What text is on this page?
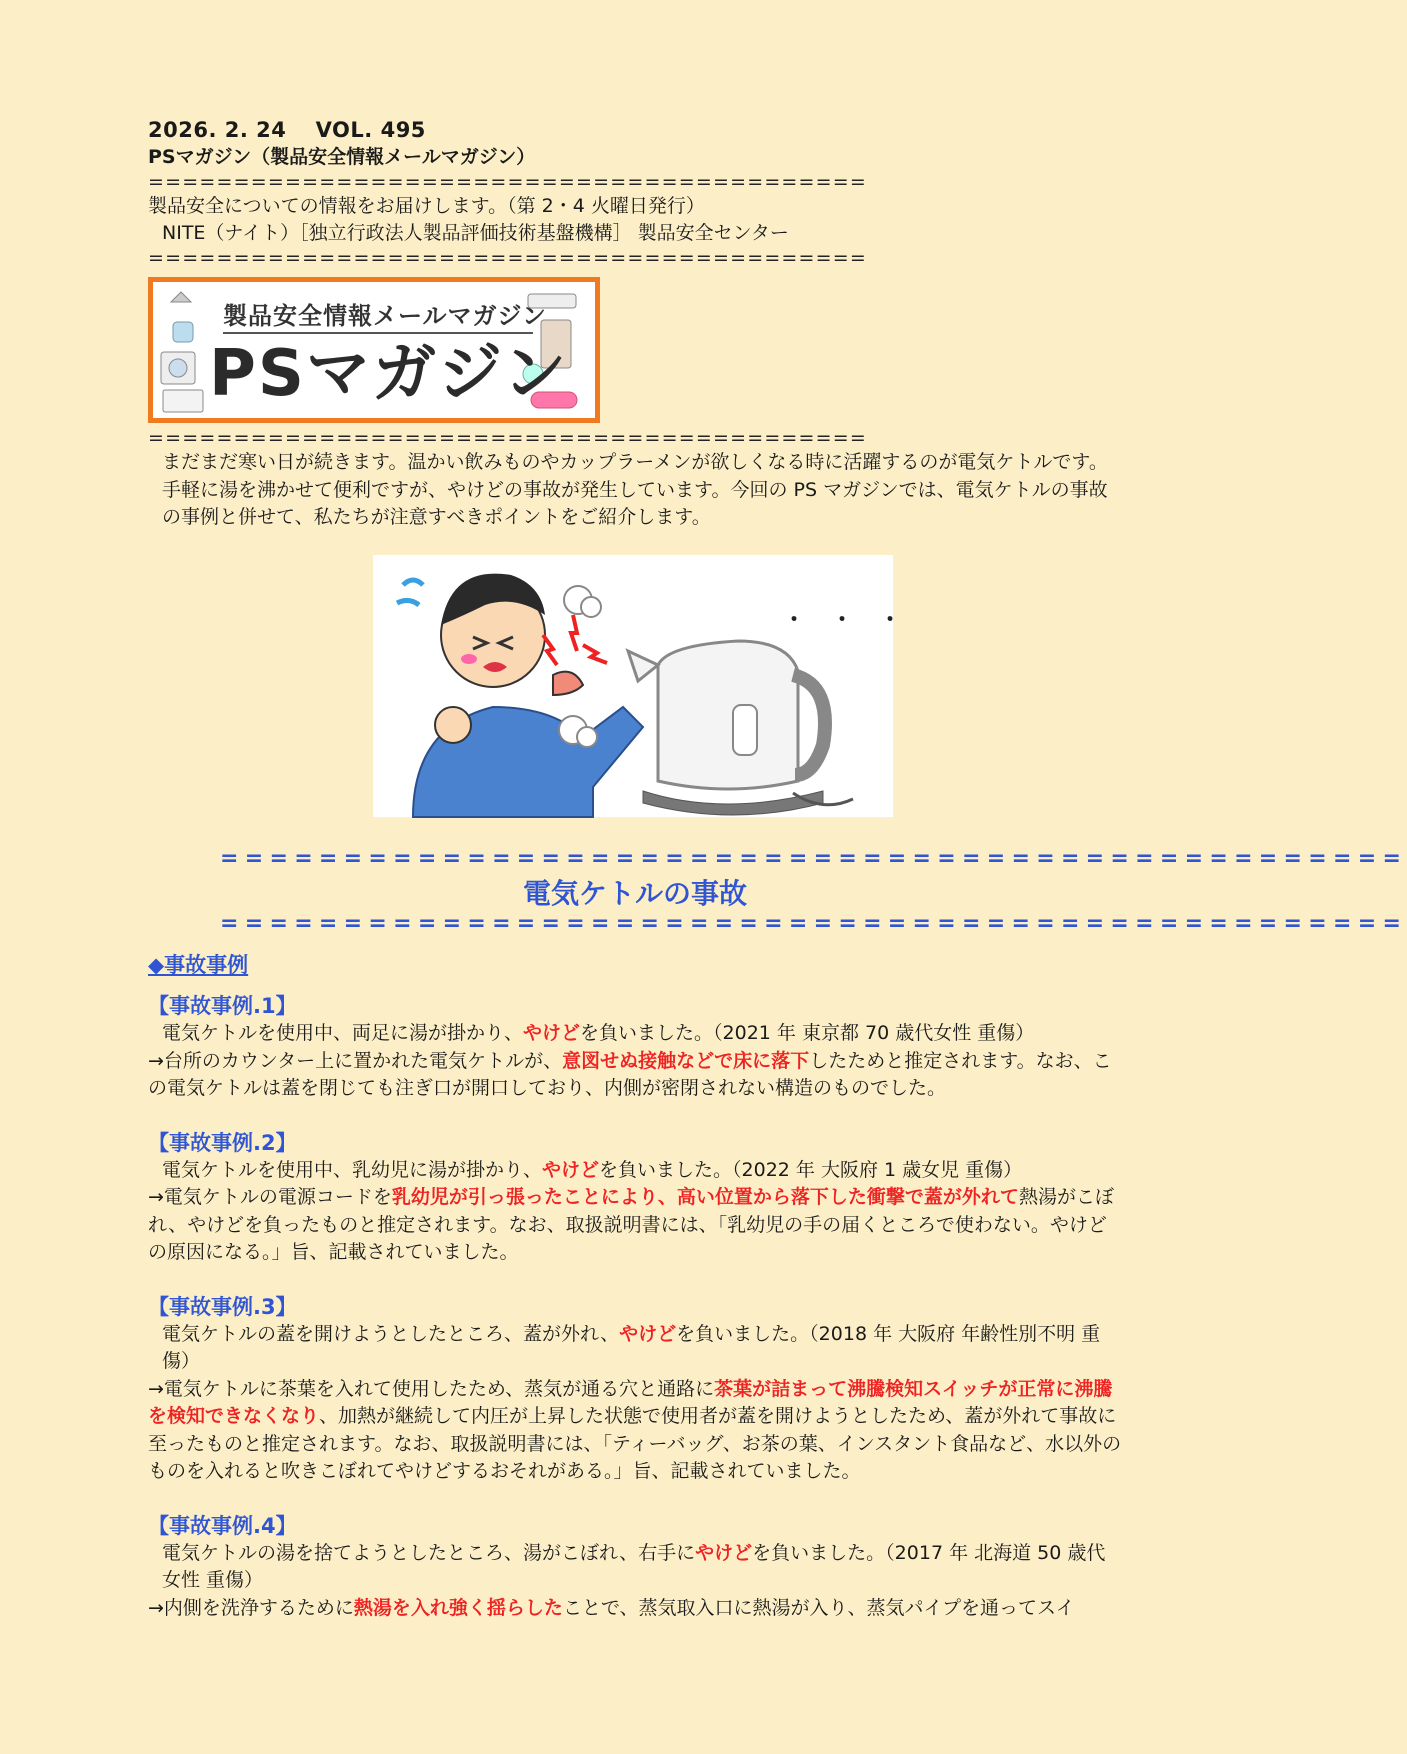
2026. 2. 24　 VOL. 495
PSマガジン（製品安全情報メールマガジン）
==========================================
製品安全についての情報をお届けします。（第 2・4 火曜日発行）
NITE（ナイト）［独立行政法人製品評価技術基盤機構］ 製品安全センター
==========================================
製品安全情報メールマガジン
PSマガジン
==========================================
まだまだ寒い日が続きます。温かい飲みものやカップラーメンが欲しくなる時に活躍するのが電気ケトルです。手軽に湯を沸かせて便利ですが、やけどの事故が発生しています。今回の PS マガジンでは、電気ケトルの事故の事例と併せて、私たちが注意すべきポイントをご紹介します。
・　・　・
================================================
電気ケトルの事故
================================================
◆事故事例
【事故事例.1】
電気ケトルを使用中、両足に湯が掛かり、やけどを負いました。（2021 年 東京都 70 歳代女性 重傷）
→台所のカウンター上に置かれた電気ケトルが、意図せぬ接触などで床に落下したためと推定されます。なお、この電気ケトルは蓋を閉じても注ぎ口が開口しており、内側が密閉されない構造のものでした。
【事故事例.2】
電気ケトルを使用中、乳幼児に湯が掛かり、やけどを負いました。（2022 年 大阪府 1 歳女児 重傷）
→電気ケトルの電源コードを乳幼児が引っ張ったことにより、高い位置から落下した衝撃で蓋が外れて熱湯がこぼれ、やけどを負ったものと推定されます。なお、取扱説明書には、「乳幼児の手の届くところで使わない。やけどの原因になる。」旨、記載されていました。
【事故事例.3】
電気ケトルの蓋を開けようとしたところ、蓋が外れ、やけどを負いました。（2018 年 大阪府 年齢性別不明 重傷）
→電気ケトルに茶葉を入れて使用したため、蒸気が通る穴と通路に茶葉が詰まって沸騰検知スイッチが正常に沸騰を検知できなくなり、加熱が継続して内圧が上昇した状態で使用者が蓋を開けようとしたため、蓋が外れて事故に至ったものと推定されます。なお、取扱説明書には、「ティーバッグ、お茶の葉、インスタント食品など、水以外のものを入れると吹きこぼれてやけどするおそれがある。」旨、記載されていました。
【事故事例.4】
電気ケトルの湯を捨てようとしたところ、湯がこぼれ、右手にやけどを負いました。（2017 年 北海道 50 歳代女性 重傷）
→内側を洗浄するために熱湯を入れ強く揺らしたことで、蒸気取入口に熱湯が入り、蒸気パイプを通ってスイ
